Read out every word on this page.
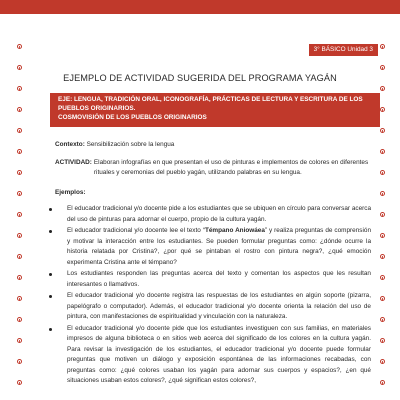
3° BÁSICO Unidad 3
EJEMPLO DE ACTIVIDAD SUGERIDA DEL PROGRAMA YAGÁN
EJE: LENGUA, TRADICIÓN ORAL, ICONOGRAFÍA, PRÁCTICAS DE LECTURA Y ESCRITURA DE LOS PUEBLOS ORIGINARIOS.
COSMOVISIÓN DE LOS PUEBLOS ORIGINARIOS

Contexto: Sensibilización sobre la lengua

ACTIVIDAD: Elaboran infografías en que presentan el uso de pinturas e implementos de colores en diferentes rituales y ceremonias del pueblo yagán, utilizando palabras en su lengua.

Ejemplos:

El educador tradicional y/o docente pide a los estudiantes que se ubiquen en círculo para conversar acerca del uso de pinturas para adornar el cuerpo, propio de la cultura yagán.
El educador tradicional y/o docente lee el texto “Témpano Aniowáea” y realiza preguntas de comprensión y motivar la interacción entre los estudiantes. Se pueden formular preguntas como: ¿dónde ocurre la historia relatada por Cristina?, ¿por qué se pintaban el rostro con pintura negra?, ¿qué emoción experimenta Cristina ante el témpano?
Los estudiantes responden las preguntas acerca del texto y comentan los aspectos que les resultan interesantes o llamativos.
El educador tradicional y/o docente registra las respuestas de los estudiantes en algún soporte (pizarra, papelógrafo o computador). Además, el educador tradicional y/o docente orienta la relación del uso de pintura, con manifestaciones de espiritualidad y vinculación con la naturaleza.
El educador tradicional y/o docente pide que los estudiantes investiguen con sus familias, en materiales impresos de alguna biblioteca o en sitios web acerca del significado de los colores en la cultura yagán. Para revisar la investigación de los estudiantes, el educador tradicional y/o docente puede formular preguntas que motiven un diálogo y exposición espontánea de las informaciones recabadas, con preguntas como: ¿qué colores usaban los yagán para adornar sus cuerpos y espacios?, ¿en qué situaciones usaban estos colores?, ¿qué significan estos colores?,
